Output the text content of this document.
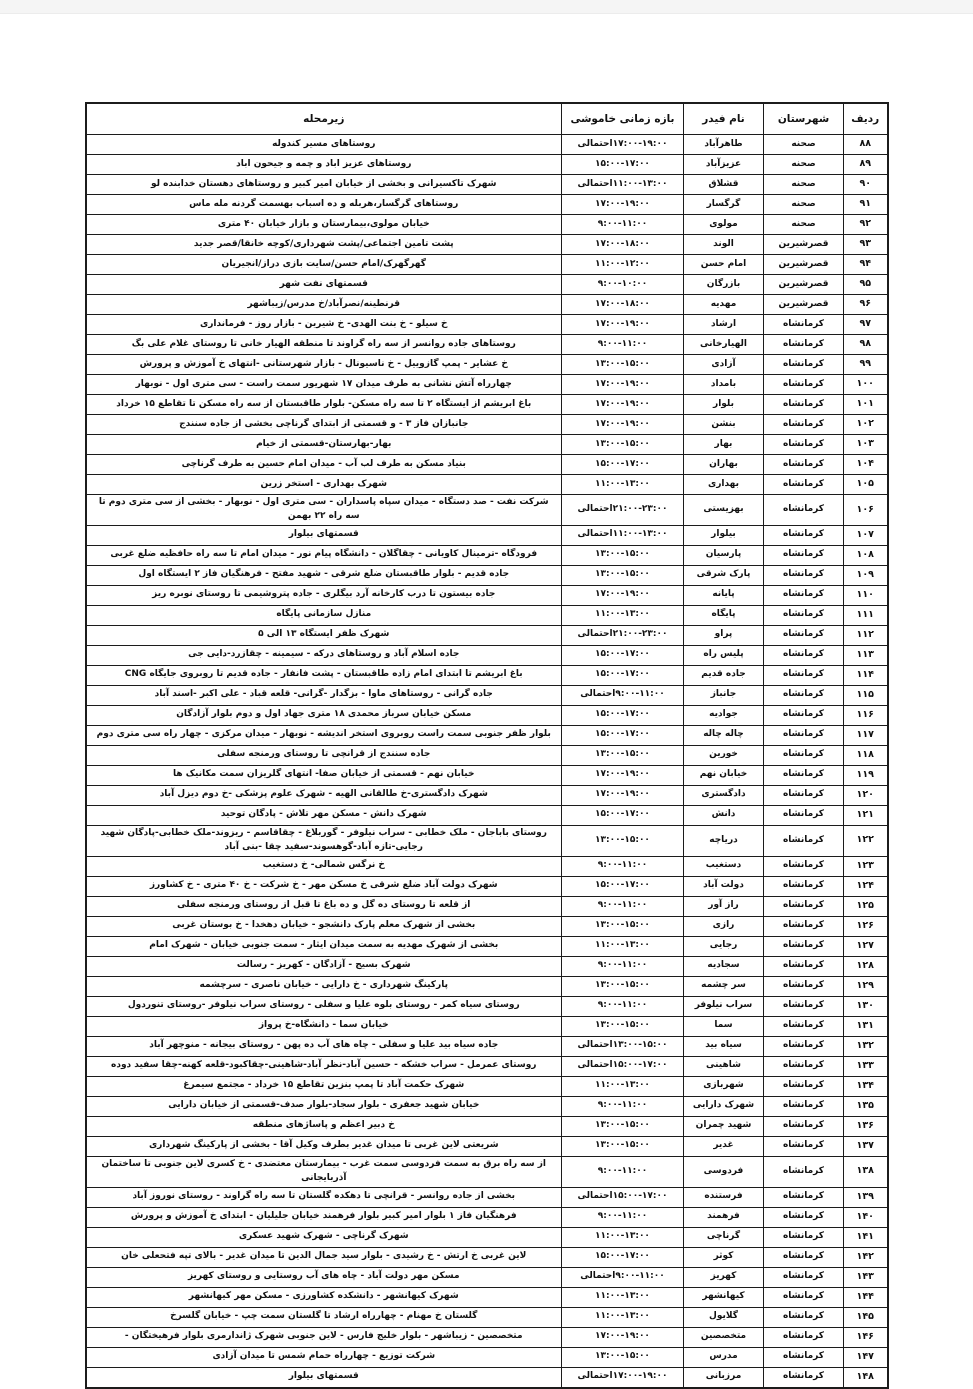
ردیف	شهرستان	نام فیدر	بازه زمانی خاموشی	زیرمحله
۸۸	صحنه	طاهرآباد	۱۷:۰۰-۱۹:۰۰احتمالی	روستاهای مسیر کندوله
۸۹	صحنه	عزیزآباد	۱۵:۰۰-۱۷:۰۰	روستاهای عزیز اباد و چمه و جیحون اباد
۹۰	صحنه	قشلاق	۱۱:۰۰-۱۳:۰۰احتمالی	شهرک تاکسیرانی و بخشی از خیابان امیر کبیر و روستاهای دهستان خدابنده لو
۹۱	صحنه	گرگسار	۱۷:۰۰-۱۹:۰۰	روستاهای گرگسار،هربله و ده اسباب بهسمت گردنه مله ماس
۹۲	صحنه	مولوی	۹:۰۰-۱۱:۰۰	خیابان مولوی،بیمارستان و بازار خیابان ۴۰ متری
۹۳	قصرشیرین	الوند	۱۷:۰۰-۱۸:۰۰	پشت تامین اجتماعی/پشت شهرداری/کوچه خانقا/قصر جدید
۹۴	قصرشیرین	امام حسن	۱۱:۰۰-۱۲:۰۰	گهرگهرک/امام حسن/سایت بازی دراز/انجیریان
۹۵	قصرشیرین	بازرگان	۹:۰۰-۱۰:۰۰	قسمتهای نفت شهر
۹۶	قصرشیرین	مهدیه	۱۷:۰۰-۱۸:۰۰	قرنطینه/نصرآباد/خ مدرس/زیباشهر
۹۷	کرمانشاه	ارشاد	۱۷:۰۰-۱۹:۰۰	خ سیلو - خ بنت الهدی- خ شیرین - بازار روز - فرمانداری
۹۸	کرمانشاه	الهیارخانی	۹:۰۰-۱۱:۰۰	روستاهای جاده روانسر از سه راه گراوند تا منطقه الهیار خانی تا روستای غلام علی بگ
۹۹	کرمانشاه	آزادی	۱۳:۰۰-۱۵:۰۰	خ عشایر - پمپ گازوییل - خ ناسیونال - بازار شهرستانی -انتهای خ آموزش و پرورش
۱۰۰	کرمانشاه	بامداد	۱۷:۰۰-۱۹:۰۰	چهارراه آتش نشانی به طرف میدان ۱۷ شهریور سمت راست - سی متری اول - نوبهار
۱۰۱	کرمانشاه	بلوار	۱۷:۰۰-۱۹:۰۰	باغ ابریشم از ایستگاه ۲ تا سه راه مسکن- بلوار طاقبستان از سه راه مسکن تا تقاطع ۱۵ خرداد
۱۰۲	کرمانشاه	بنشن	۱۷:۰۰-۱۹:۰۰	جانبازان فاز ۳ - و قسمتی از ابتدای گرناچی بخشی از جاده سنندج
۱۰۳	کرمانشاه	بهار	۱۳:۰۰-۱۵:۰۰	بهار-بهارستان-قسمتی از خیام
۱۰۴	کرمانشاه	بهاران	۱۵:۰۰-۱۷:۰۰	بنیاد مسکن به طرف لب آب - میدان امام حسین به طرف گرناچی
۱۰۵	کرمانشاه	بهداری	۱۱:۰۰-۱۳:۰۰	شهرک بهداری - استخر زرین
۱۰۶	کرمانشاه	بهزیستی	۲۱:۰۰-۲۳:۰۰احتمالی	شرکت نفت - صد دستگاه - میدان سپاه پاسداران - سی متری اول - نوبهار - بخشی از سی متری دوم تا سه راه ۲۲ بهمن
۱۰۷	کرمانشاه	بیلوار	۱۱:۰۰-۱۳:۰۰احتمالی	قسمتهای بیلوار
۱۰۸	کرمانشاه	پارسیان	۱۳:۰۰-۱۵:۰۰	فرودگاه -ترمینال کاویانی - چقاگلان - دانشگاه پیام نور - میدان امام تا سه راه حافظیه ضلع غربی
۱۰۹	کرمانشاه	پارک شرقی	۱۳:۰۰-۱۵:۰۰	جاده قدیم - بلوار طاقبستان ضلع شرقی - شهید مفتح - فرهنگیان فاز ۲ ایستگاه اول
۱۱۰	کرمانشاه	پایانه	۱۷:۰۰-۱۹:۰۰	جاده بیستون تا درب کارخانه آرد بیگلری - جاده پتروشیمی تا روستای نوبره ریز
۱۱۱	کرمانشاه	پایگاه	۱۱:۰۰-۱۳:۰۰	منازل سازمانی پایگاه
۱۱۲	کرمانشاه	پراو	۲۱:۰۰-۲۳:۰۰احتمالی	شهرک ظفر ایستگاه ۱۳ الی ۵
۱۱۳	کرمانشاه	پلیس راه	۱۵:۰۰-۱۷:۰۰	جاده اسلام آباد و روستاهای درکه - سیمینه - چقازرد-دایی جی
۱۱۴	کرمانشاه	جاده قدیم	۱۵:۰۰-۱۷:۰۰	باغ ابریشم تا ابتدای امام زاده طاقبستان - پشت فانفار - جاده قدیم تا روبروی جایگاه CNG
۱۱۵	کرمانشاه	جانباز	۹:۰۰-۱۱:۰۰احتمالی	جاده گرانی - روستاهای ماوا - بزگدار -گرانی- قلعه قباد - علی اکبر -اسند آباد
۱۱۶	کرمانشاه	جوادیه	۱۵:۰۰-۱۷:۰۰	مسکن خیابان سرباز محمدی ۱۸ متری جهاد اول و دوم بلوار آزادگان
۱۱۷	کرمانشاه	چاله چاله	۱۵:۰۰-۱۷:۰۰	بلوار ظفر جنوبی سمت راست روبروی استخر اندیشه - نوبهار - میدان مرکزی - چهار راه سی متری دوم
۱۱۸	کرمانشاه	خورین	۱۳:۰۰-۱۵:۰۰	جاده سنندج از قرانچی تا روستای ورمنجه سفلی
۱۱۹	کرمانشاه	خیابان نهم	۱۷:۰۰-۱۹:۰۰	خیابان نهم - قسمتی از خیابان صفا- انتهای گلریزان سمت مکانیک ها
۱۲۰	کرمانشاه	دادگستری	۱۷:۰۰-۱۹:۰۰	شهرک دادگستری-خ طالقانی الهیه - شهرک علوم پزشکی -خ دوم دیزل آباد
۱۲۱	کرمانشاه	دانش	۱۵:۰۰-۱۷:۰۰	شهرک دانش - مسکن مهر تلاش - پادگان توحید
۱۲۲	کرمانشاه	دریاچه	۱۳:۰۰-۱۵:۰۰	روستای باباجان - ملک خطابی - سراب نیلوفر - گوربلاغ - چقاقاسم - ریزوند-ملک خطابی-پادگان شهید رجایی-تازه آباد-گوهسوند-سفید چقا -بنی آباد
۱۲۳	کرمانشاه	دستغیب	۹:۰۰-۱۱:۰۰	خ نرگس شمالی- خ دستغیب
۱۲۴	کرمانشاه	دولت آباد	۱۵:۰۰-۱۷:۰۰	شهرک دولت آباد ضلع شرقی خ مسکن مهر - خ شرکت - خ ۴۰ متری - خ کشاورز
۱۲۵	کرمانشاه	راز آور	۹:۰۰-۱۱:۰۰	از قلعه تا روستای ده گل و ده باغ تا قبل از روستای ورمنجه سفلی
۱۲۶	کرمانشاه	رازی	۱۳:۰۰-۱۵:۰۰	بخشی از شهرک معلم پارک دانشجو - خیابان دهخدا - خ بوستان غربی
۱۲۷	کرمانشاه	رجایی	۱۱:۰۰-۱۳:۰۰	بخشی از شهرک مهدیه به سمت میدان ایثار - سمت جنوبی خیابان - شهرک امام
۱۲۸	کرمانشاه	سجادیه	۹:۰۰-۱۱:۰۰	شهرک بسیج - آزادگان - کهریز - رسالت
۱۲۹	کرمانشاه	سر چشمه	۱۳:۰۰-۱۵:۰۰	پارکینگ شهرداری - خ دارایی - خیابان ناصری - سرچشمه
۱۳۰	کرمانشاه	سراب نیلوفر	۹:۰۰-۱۱:۰۰	روستای سیاه کمر - روستای بلوه علیا و سفلی - روستای سراب نیلوفر -روستای تنوردول
۱۳۱	کرمانشاه	سما	۱۳:۰۰-۱۵:۰۰	خیابان سما - دانشگاه-خ پرواز
۱۳۲	کرمانشاه	سیاه بید	۱۳:۰۰-۱۵:۰۰احتمالی	جاده سیاه بید علیا و سفلی - چاه های آب ده پهن - روستای بیجانه - منوچهر آباد
۱۳۳	کرمانشاه	شاهینی	۱۵:۰۰-۱۷:۰۰احتمالی	روستای عمرمل - سراب خشکه - حسین آباد-نظر آباد-شاهینی-چقاکبود-قلعه کهنه-چقا سفید دوده
۱۳۴	کرمانشاه	شهربازی	۱۱:۰۰-۱۳:۰۰	شهرک حکمت آباد تا پمپ بنزین تقاطع ۱۵ خرداد - مجتمع سیمرغ
۱۳۵	کرمانشاه	شهرک دارایی	۹:۰۰-۱۱:۰۰	خیابان شهید جعفری - بلوار سجاد-بلوار صدف-قسمتی از خیابان دارایی
۱۳۶	کرمانشاه	شهید چمران	۱۳:۰۰-۱۵:۰۰	خ دبیر اعظم و پاساژهای منطقه
۱۳۷	کرمانشاه	غدیر	۱۳:۰۰-۱۵:۰۰	شریعتی لاین غربی تا میدان غدیر بطرف وکیل آقا - بخشی از پارکینگ شهرداری
۱۳۸	کرمانشاه	فردوسی	۹:۰۰-۱۱:۰۰	از سه راه برق به سمت فردوسی سمت غرب - بیمارستان معتضدی - خ کسری لاین جنوبی تا ساختمان آذربایجانی
۱۳۹	کرمانشاه	فرستنده	۱۵:۰۰-۱۷:۰۰احتمالی	بخشی از جاده روانسر - قرانچی تا دهکده گلستان تا سه راه گراوند - روستای نوروز آباد
۱۴۰	کرمانشاه	فرهمند	۹:۰۰-۱۱:۰۰	فرهنگیان فاز ۱ بلوار امیر کبیر بلوار فرهمند خیابان جلیلیان - ابتدای خ آموزش و پرورش
۱۴۱	کرمانشاه	گرناچی	۱۱:۰۰-۱۳:۰۰	شهرک گرناچی - شهرک شهید عسکری
۱۴۲	کرمانشاه	کوثر	۱۵:۰۰-۱۷:۰۰	لاین غربی خ ارتش - خ رشیدی - بلوار سید جمال الدین تا میدان غدیر - بالای تپه فتحعلی خان
۱۴۳	کرمانشاه	کهریز	۹:۰۰-۱۱:۰۰احتمالی	مسکن مهر دولت آباد - چاه های آب روستایی و روستای کهریز
۱۴۴	کرمانشاه	کیهانشهر	۱۱:۰۰-۱۳:۰۰	شهرک کیهانشهر - دانشکده کشاورزی - مسکن مهر کیهانشهر
۱۴۵	کرمانشاه	گلایول	۱۱:۰۰-۱۳:۰۰	گلستان خ مهنام - چهارراه ارشاد تا گلستان سمت چپ - خیابان گلسرخ
۱۴۶	کرمانشاه	متخصصین	۱۷:۰۰-۱۹:۰۰	متخصصین - زیباشهر - بلوار خلیج فارس - لاین جنوبی شهرک ژاندارمری بلوار فرهیختگان -
۱۴۷	کرمانشاه	مدرس	۱۳:۰۰-۱۵:۰۰	شرکت توزیع - چهارراه حمام شمس تا میدان آزادی
۱۴۸	کرمانشاه	مرزبانی	۱۷:۰۰-۱۹:۰۰احتمالی	قسمتهای بیلوار
